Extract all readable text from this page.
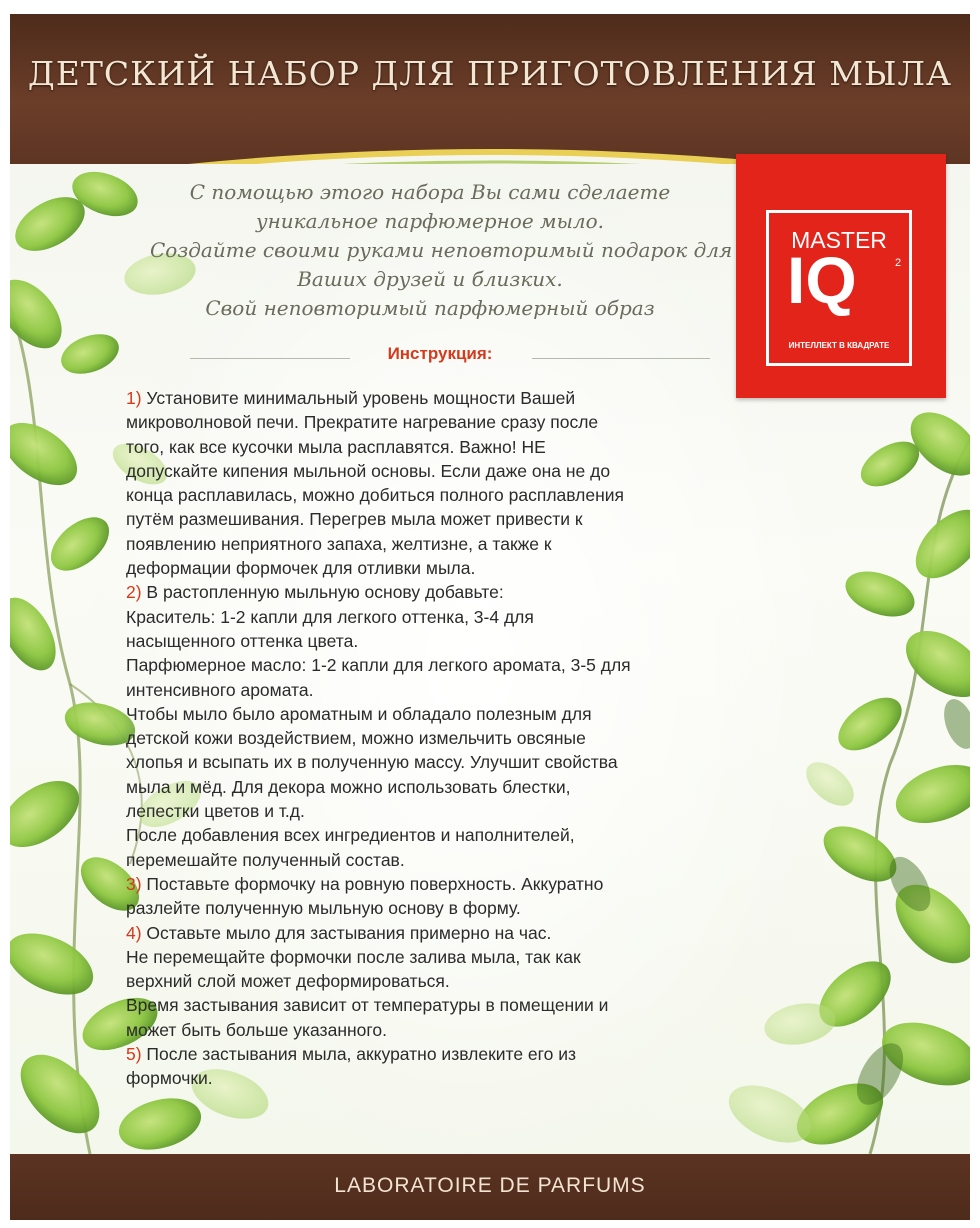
ДЕТСКИЙ НАБОР ДЛЯ ПРИГОТОВЛЕНИЯ МЫЛА
LABORATOIRE DE PARFUMS
MASTER
IQ	2
ИНТЕЛЛЕКТ В КВАДРАТЕ
С помощью этого набора Вы сами сделаете
уникальное парфюмерное мыло.
Создайте своими руками неповторимый подарок для
Ваших друзей и близких.
Свой неповторимый парфюмерный образ
Инструкция:
1) Установите минимальный уровень мощности Вашей
микроволновой печи. Прекратите нагревание сразу после
того, как все кусочки мыла расплавятся. Важно! НЕ
допускайте кипения мыльной основы. Если даже она не до
конца расплавилась, можно добиться полного расплавления
путём размешивания. Перегрев мыла может привести к
появлению неприятного запаха, желтизне, а также к
деформации формочек для отливки мыла.
2) В растопленную мыльную основу добавьте:
Краситель: 1-2 капли для легкого оттенка, 3-4 для
насыщенного оттенка цвета.
Парфюмерное масло: 1-2 капли для легкого аромата, 3-5 для
интенсивного аромата.
Чтобы мыло было ароматным и обладало полезным для
детской кожи воздействием, можно измельчить овсяные
хлопья и всыпать их в полученную массу. Улучшит свойства
мыла и мёд. Для декора можно использовать блестки,
лепестки цветов и т.д.
После добавления всех ингредиентов и наполнителей,
перемешайте полученный состав.
3) Поставьте формочку на ровную поверхность. Аккуратно
разлейте полученную мыльную основу в форму.
4) Оставьте мыло для застывания примерно на час.
Не перемещайте формочки после залива мыла, так как
верхний слой может деформироваться.
Время застывания зависит от температуры в помещении и
может быть больше указанного.
5) После застывания мыла, аккуратно извлеките его из
формочки.
